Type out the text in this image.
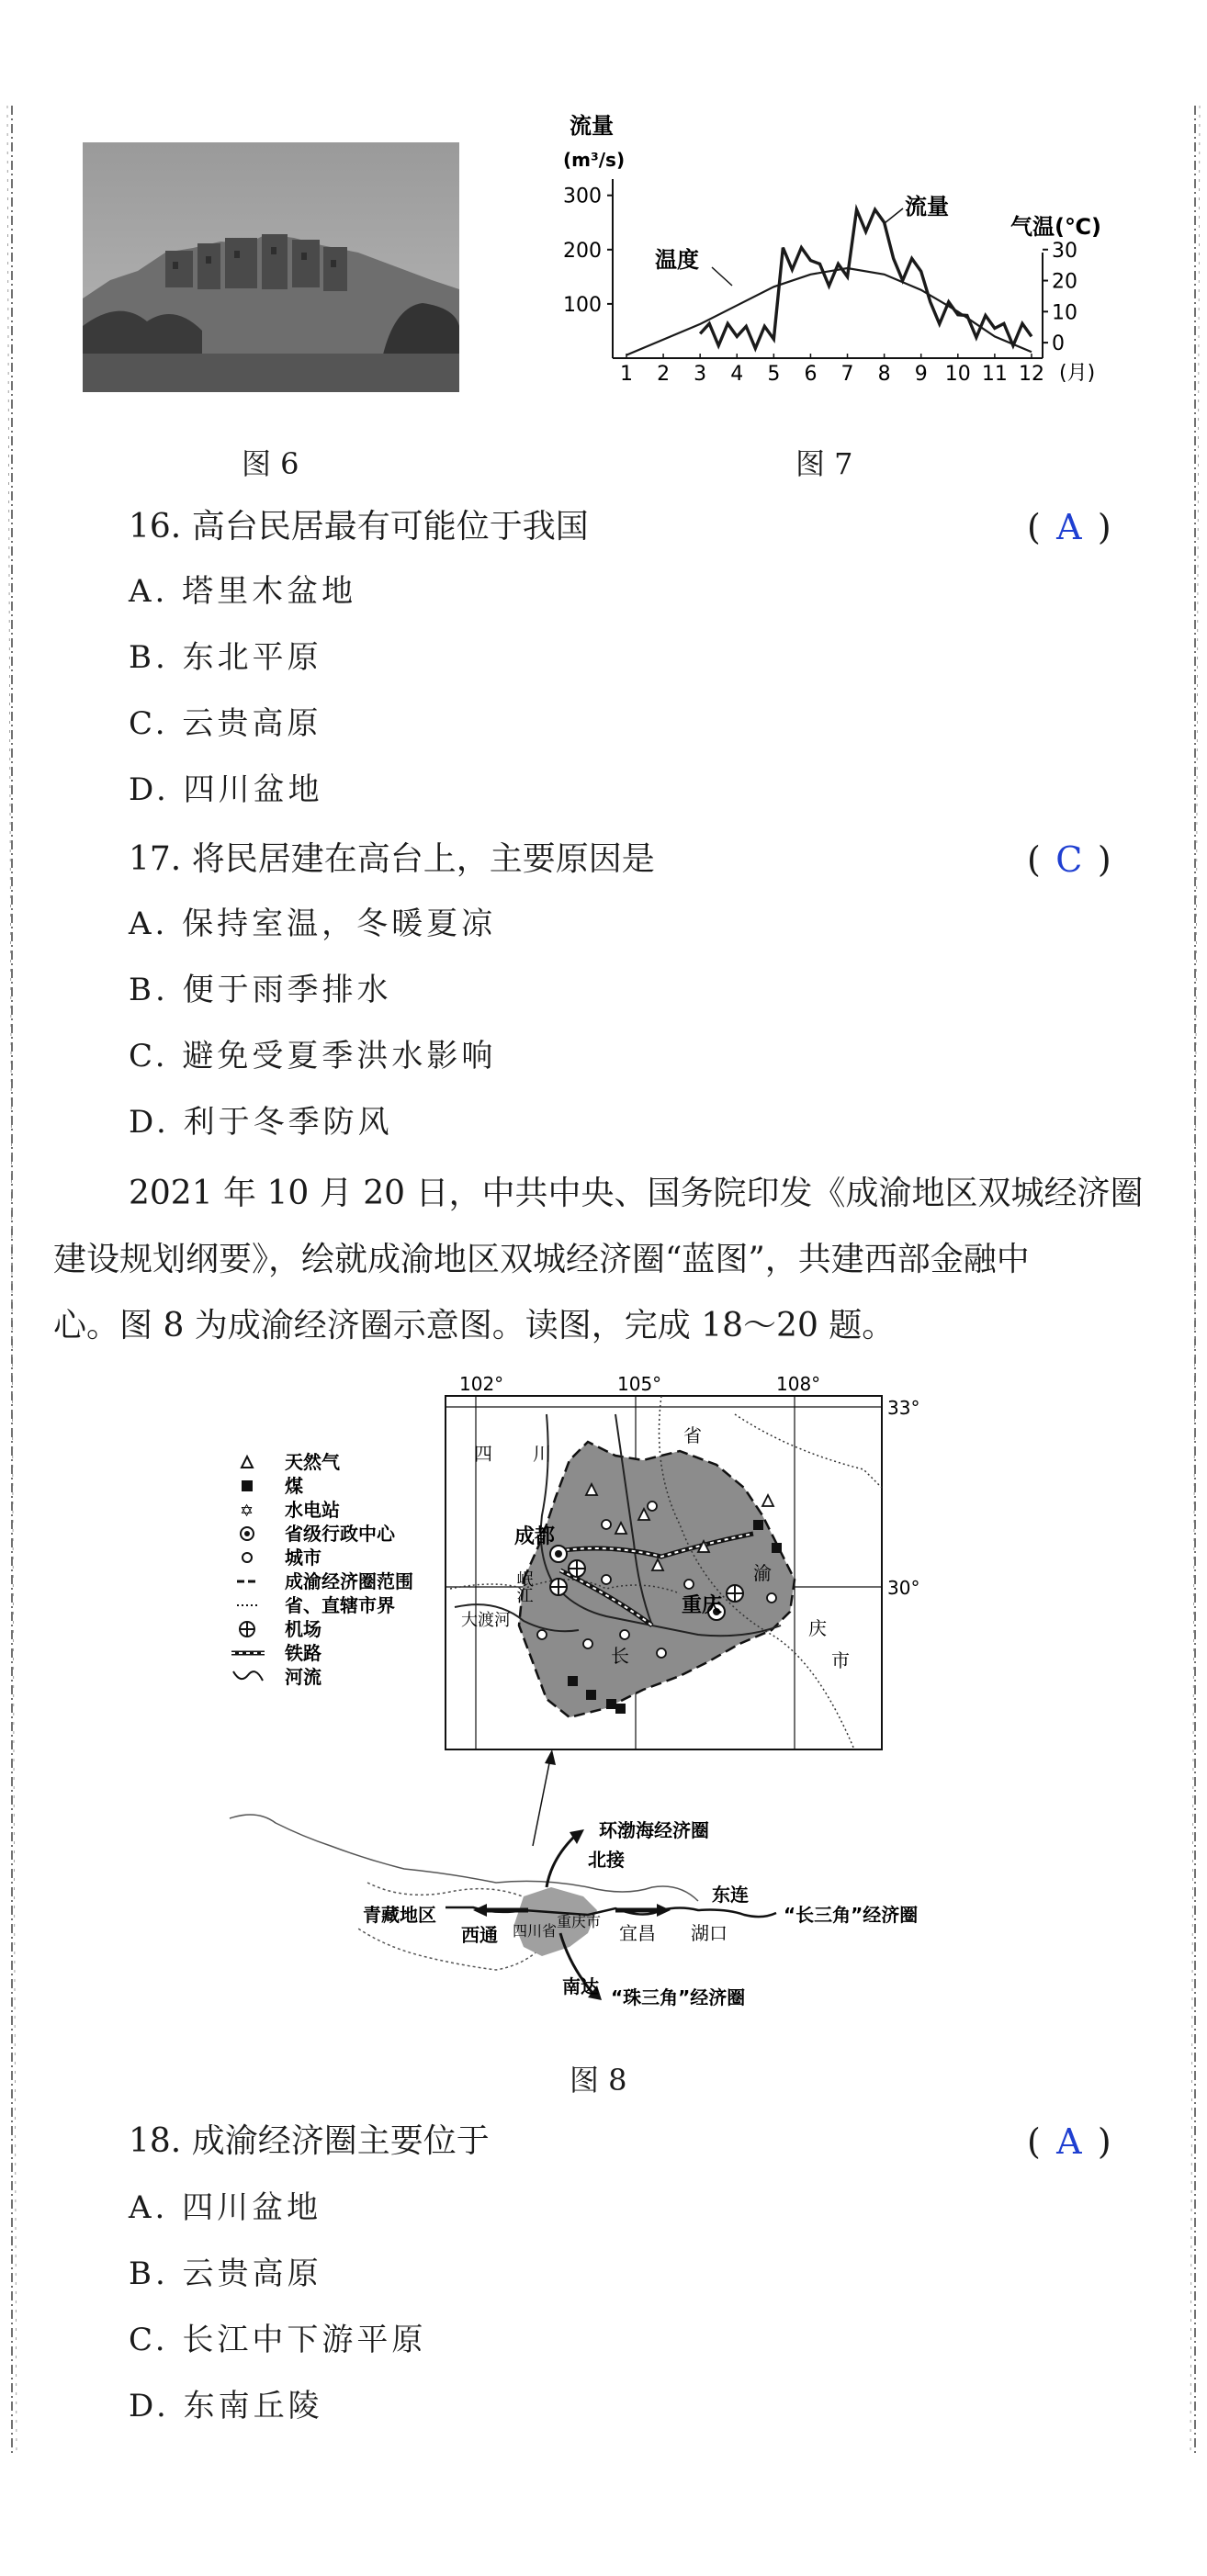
流量
(m³/s)
气温(℃)
300
200
100
30
20
10
0
1 2 3 4 5 6 7 8 9 10 11 12 (月)
温度
流量
图 6	图 7
16. 高台民居最有可能位于我国	( A )
A. 塔里木盆地
B. 东北平原
C. 云贵高原
D. 四川盆地
17. 将民居建在高台上，主要原因是	( C )
A. 保持室温，冬暖夏凉
B. 便于雨季排水
C. 避免受夏季洪水影响
D. 利于冬季防风
2021 年 10 月 20 日，中共中央、国务院印发《成渝地区双城经济圈
建设规划纲要》，绘就成渝地区双城经济圈“蓝图”，共建西部金融中
心。图 8 为成渝经济圈示意图。读图，完成 18～20 题。
天然气
煤
✡ 水电站
省级行政中心
城市
成渝经济圈范围
省、直辖市界
机场
铁路
河流
102°	105°	108°
33°
30°
成都
重庆
岷江
大渡河
川
省
四
渝
庆
市
长
环渤海经济圈
北接
东连
“长三角”经济圈
青藏地区
西通 四川省
重庆市
宜昌 湖口
南达 “珠三角”经济圈
图 8
18. 成渝经济圈主要位于	( A )
A. 四川盆地
B. 云贵高原
C. 长江中下游平原
D. 东南丘陵
